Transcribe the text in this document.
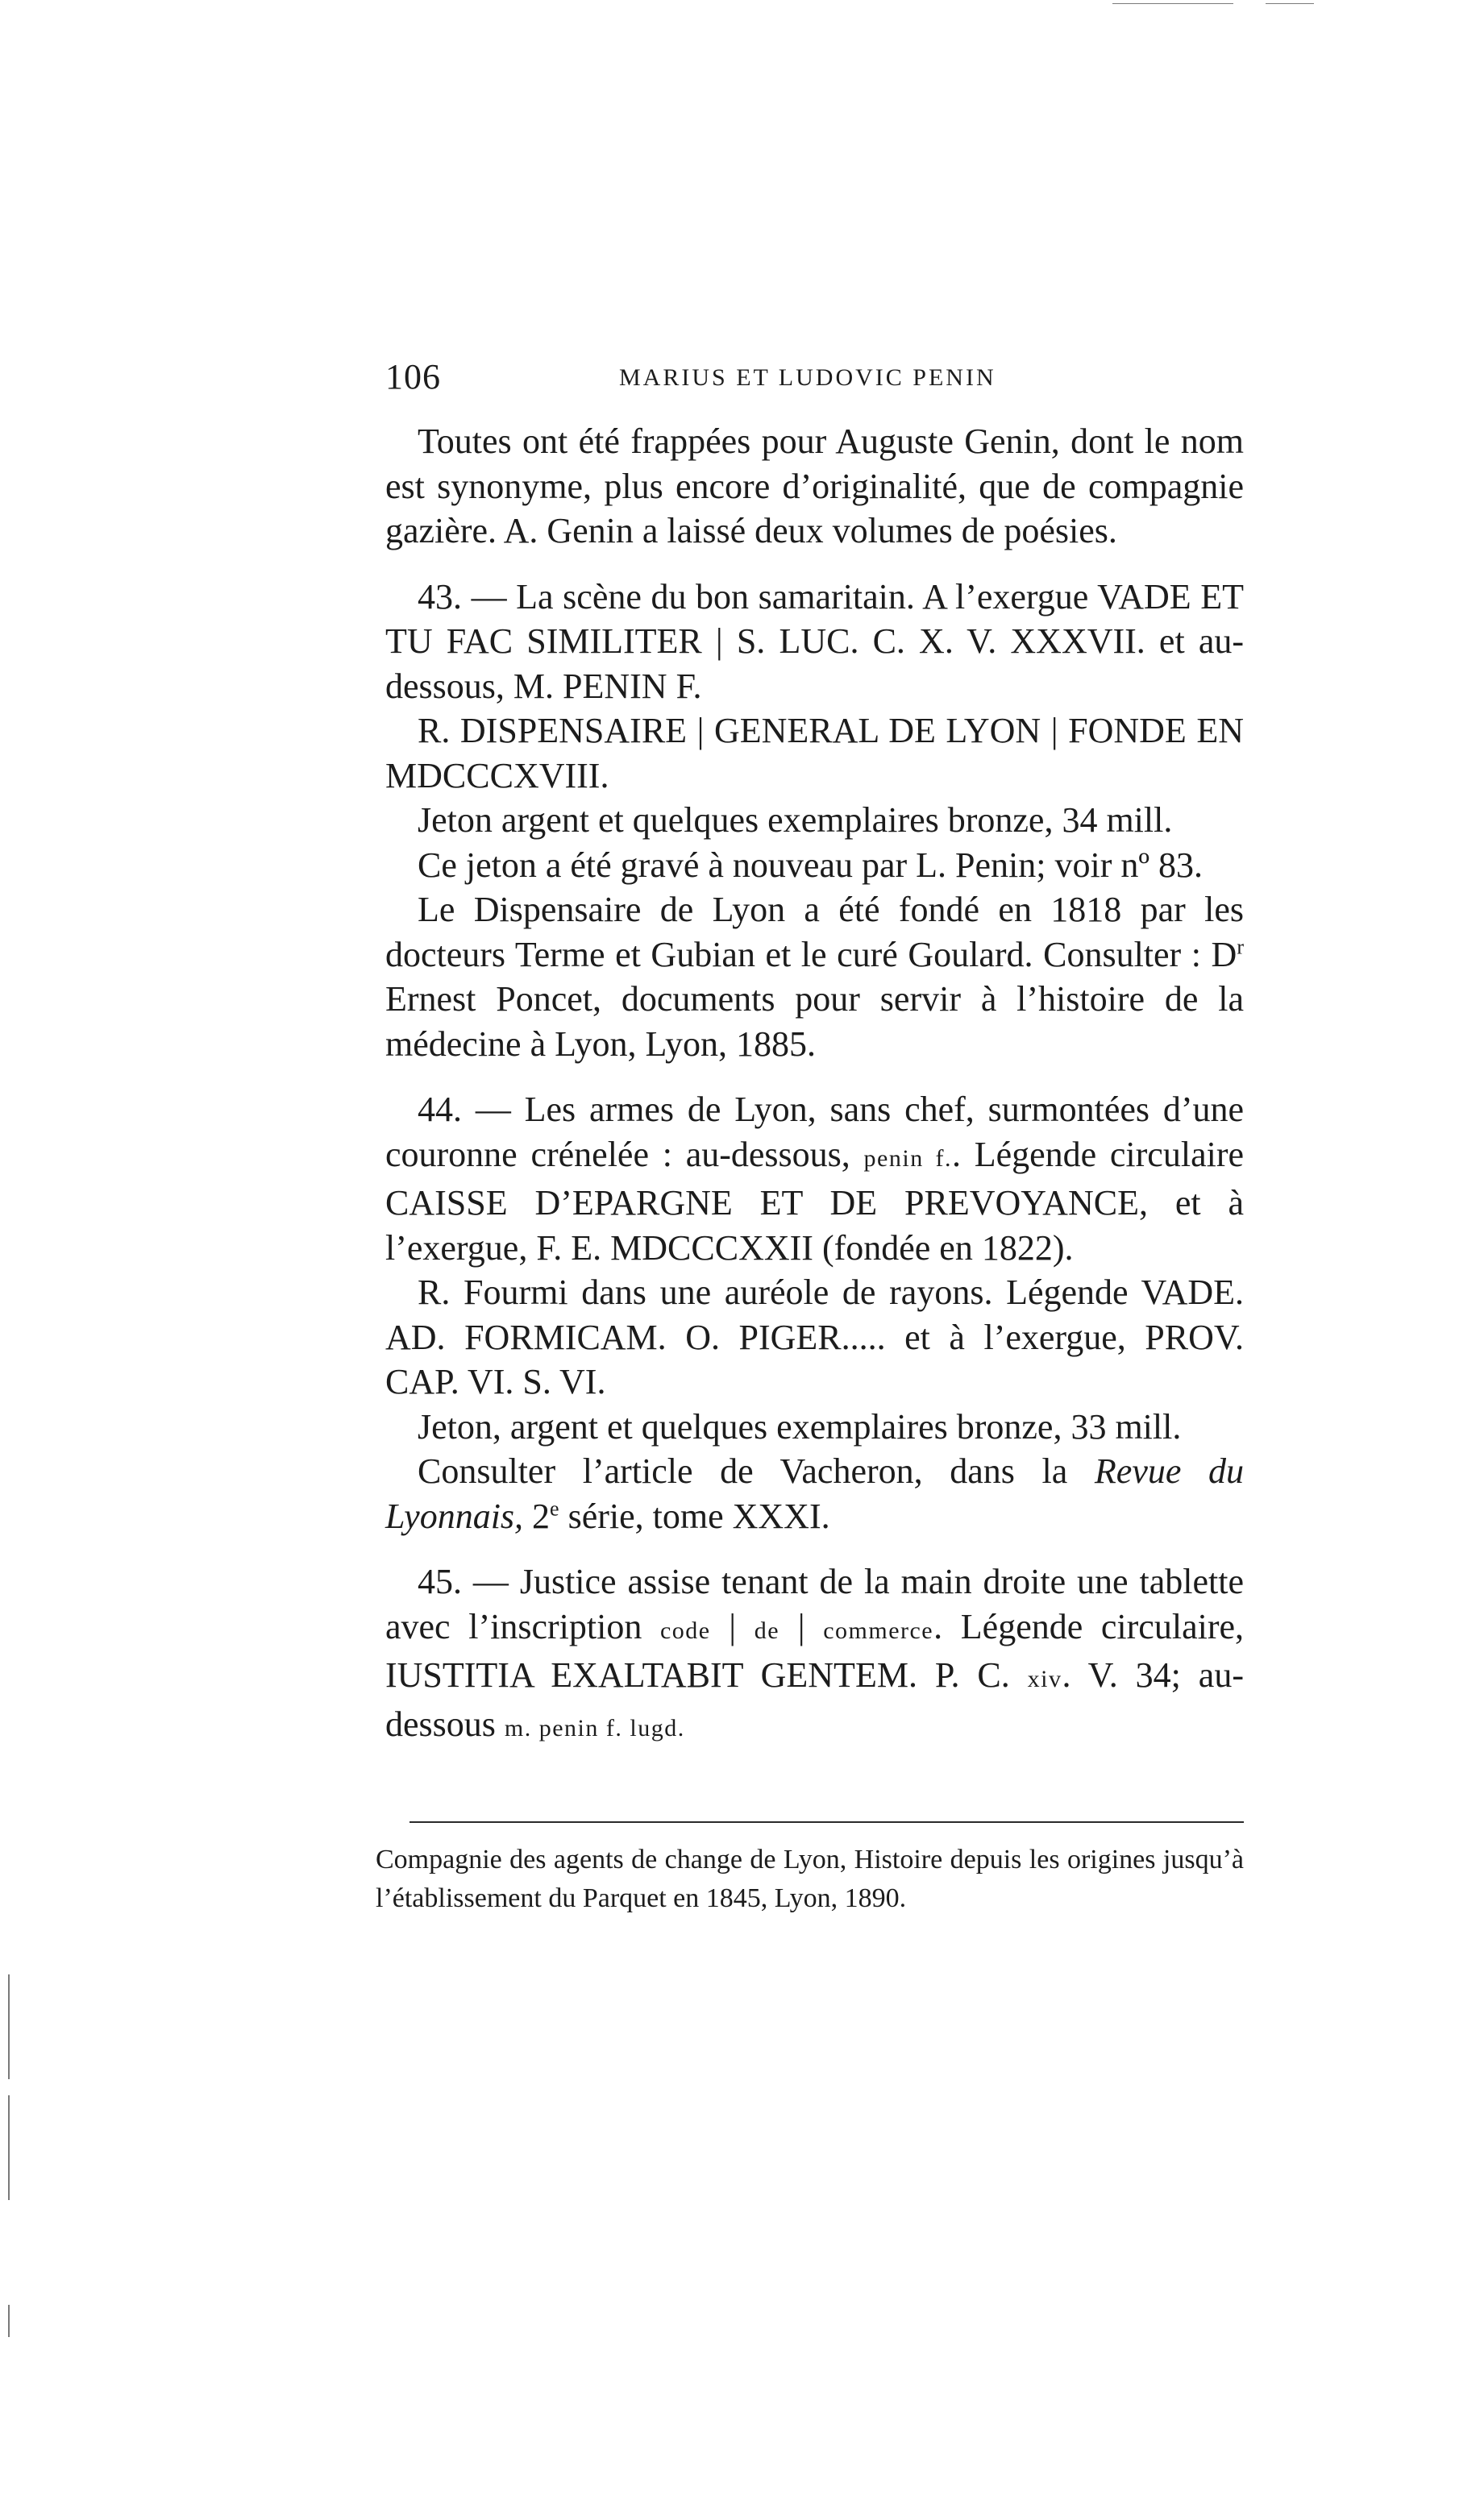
106	MARIUS ET LUDOVIC PENIN

Toutes ont été frappées pour Auguste Genin, dont le nom est synonyme, plus encore d’originalité, que de compagnie gazière. A. Genin a laissé deux volumes de poésies.

43. — La scène du bon samaritain. A l’exergue VADE ET TU FAC SIMILITER | S. LUC. C. X. V. XXXVII. et au-dessous, M. PENIN F.

R. DISPENSAIRE | GENERAL DE LYON | FONDE EN MDCCCXVIII.

Jeton argent et quelques exemplaires bronze, 34 mill.

Ce jeton a été gravé à nouveau par L. Penin; voir nº 83.

Le Dispensaire de Lyon a été fondé en 1818 par les docteurs Terme et Gubian et le curé Goulard. Consulter : $D^r$ Ernest Poncet, documents pour servir à l’histoire de la médecine à Lyon, Lyon, 1885.

44. — Les armes de Lyon, sans chef, surmontées d’une couronne crénelée : au-dessous, penin f.. Légende circulaire CAISSE D’EPARGNE ET DE PREVOYANCE, et à l’exergue, F. E. MDCCCXXII (fondée en 1822).

R. Fourmi dans une auréole de rayons. Légende VADE. AD. FORMICAM. O. PIGER..... et à l’exergue, PROV. CAP. VI. S. VI.

Jeton, argent et quelques exemplaires bronze, 33 mill.

Consulter l’article de Vacheron, dans la Revue du Lyonnais, 2e série, tome XXXI.

45. — Justice assise tenant de la main droite une tablette avec l’inscription code | de | commerce. Légende circulaire, IUSTITIA EXALTABIT GENTEM. P. C. xiv. V. 34; au-dessous m. penin f. lugd.

Compagnie des agents de change de Lyon, Histoire depuis les origines jusqu’à l’établissement du Parquet en 1845, Lyon, 1890.
